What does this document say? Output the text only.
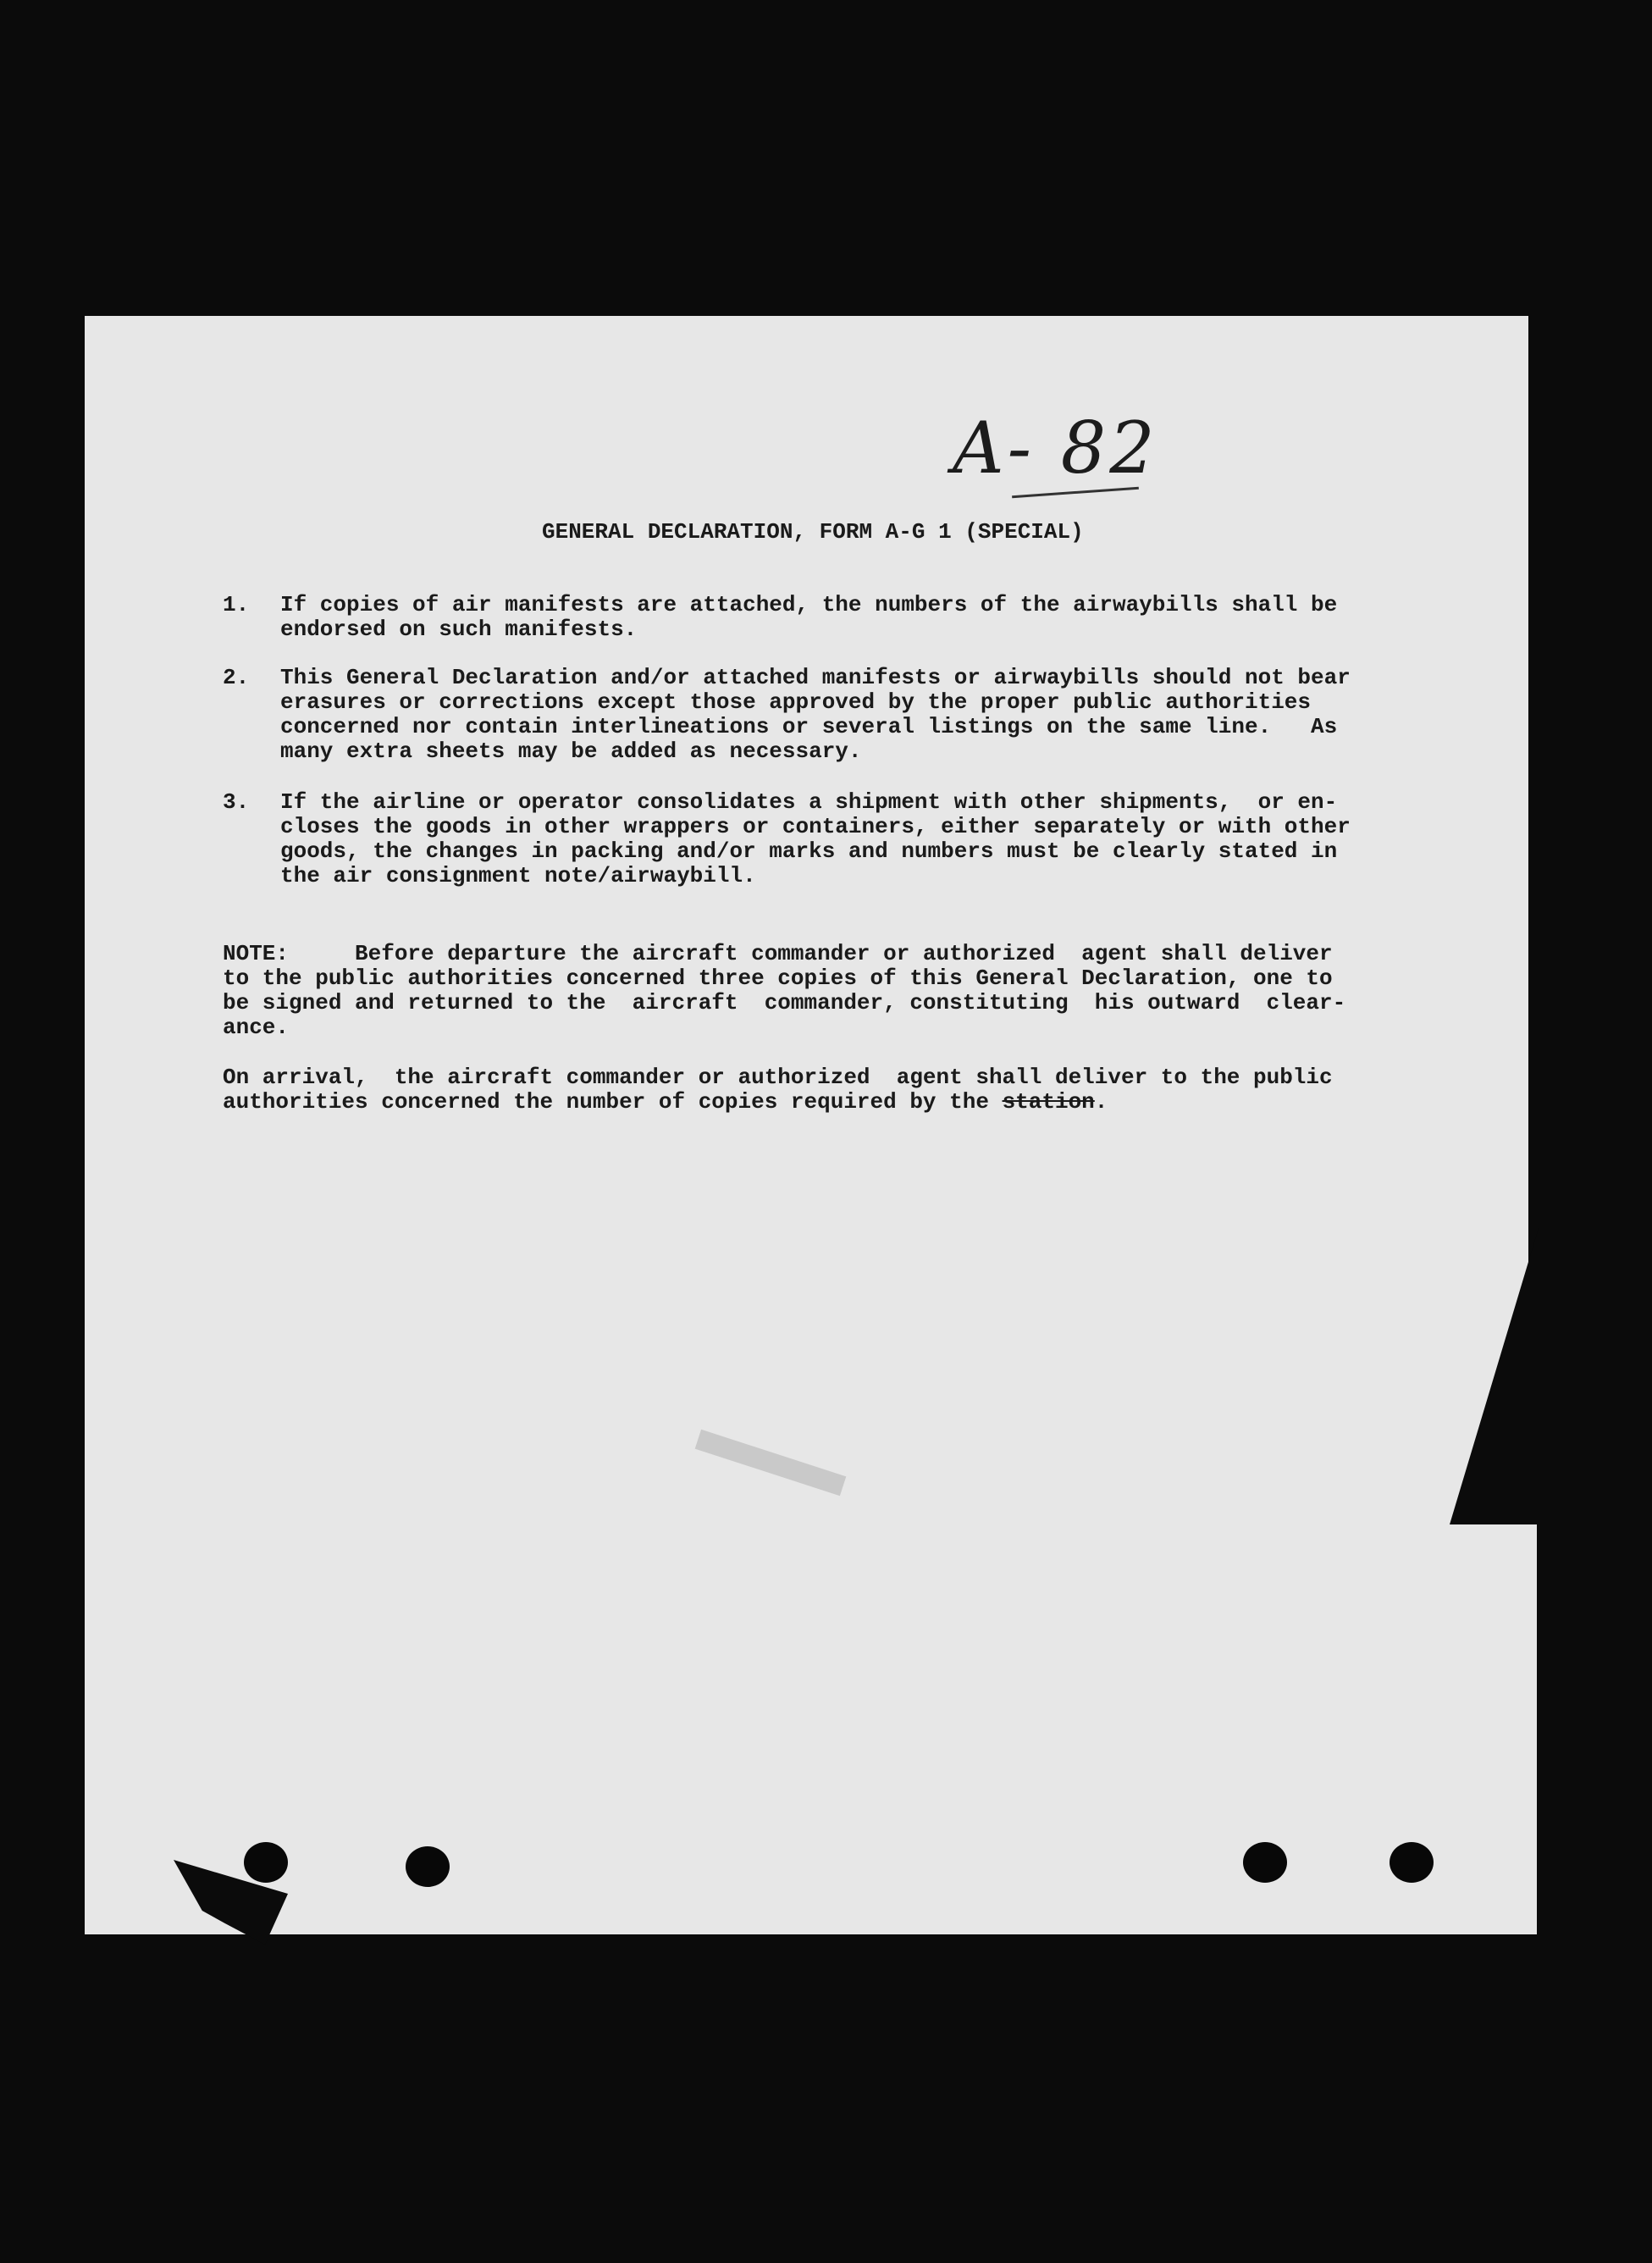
A- 82
GENERAL DECLARATION, FORM A-G 1 (SPECIAL)
1. If copies of air manifests are attached, the numbers of the airwaybills shall be
endorsed on such manifests.
2. This General Declaration and/or attached manifests or airwaybills should not bear
erasures or corrections except those approved by the proper public authorities
concerned nor contain interlineations or several listings on the same line.   As
many extra sheets may be added as necessary.
3. If the airline or operator consolidates a shipment with other shipments,  or en-
closes the goods in other wrappers or containers, either separately or with other
goods, the changes in packing and/or marks and numbers must be clearly stated in
the air consignment note/airwaybill.
NOTE:     Before departure the aircraft commander or authorized  agent shall deliver
to the public authorities concerned three copies of this General Declaration, one to
be signed and returned to the  aircraft  commander, constituting  his outward  clear-
ance.
On arrival,  the aircraft commander or authorized  agent shall deliver to the public
authorities concerned the number of copies required by the station.
